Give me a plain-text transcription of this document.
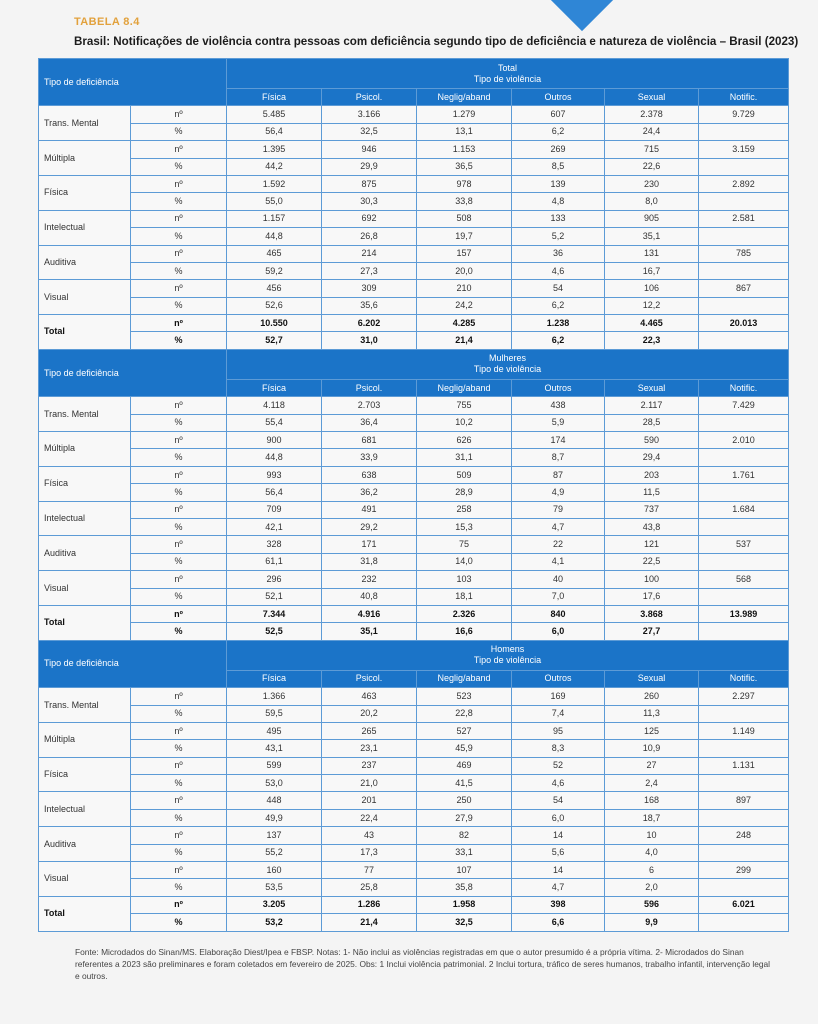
TABELA 8.4
Brasil: Notificações de violência contra pessoas com deficiência segundo tipo de deficiência e natureza de violência – Brasil (2023)
Tipo de deficiência		Total
Tipo de violência					

		Física	Psicol.	Neglig/aband	Outros	Sexual	Notific.
Trans. Mental	nº	5.485	3.166	1.279	607	2.378	9.729
	%	56,4	32,5	13,1	6,2	24,4	
Múltipla	nº	1.395	946	1.153	269	715	3.159
	%	44,2	29,9	36,5	8,5	22,6	
Física	nº	1.592	875	978	139	230	2.892
	%	55,0	30,3	33,8	4,8	8,0	
Intelectual	nº	1.157	692	508	133	905	2.581
	%	44,8	26,8	19,7	5,2	35,1	
Auditiva	nº	465	214	157	36	131	785
	%	59,2	27,3	20,0	4,6	16,7	
Visual	nº	456	309	210	54	106	867
	%	52,6	35,6	24,2	6,2	12,2	
Total	nº	10.550	6.202	4.285	1.238	4.465	20.013
	%	52,7	31,0	21,4	6,2	22,3	
Tipo de deficiência		Mulheres
Tipo de violência					

		Física	Psicol.	Neglig/aband	Outros	Sexual	Notific.
Trans. Mental	nº	4.118	2.703	755	438	2.117	7.429
	%	55,4	36,4	10,2	5,9	28,5	
Múltipla	nº	900	681	626	174	590	2.010
	%	44,8	33,9	31,1	8,7	29,4	
Física	nº	993	638	509	87	203	1.761
	%	56,4	36,2	28,9	4,9	11,5	
Intelectual	nº	709	491	258	79	737	1.684
	%	42,1	29,2	15,3	4,7	43,8	
Auditiva	nº	328	171	75	22	121	537
	%	61,1	31,8	14,0	4,1	22,5	
Visual	nº	296	232	103	40	100	568
	%	52,1	40,8	18,1	7,0	17,6	
Total	nº	7.344	4.916	2.326	840	3.868	13.989
	%	52,5	35,1	16,6	6,0	27,7	
Tipo de deficiência		Homens
Tipo de violência					

		Física	Psicol.	Neglig/aband	Outros	Sexual	Notific.
Trans. Mental	nº	1.366	463	523	169	260	2.297
	%	59,5	20,2	22,8	7,4	11,3	
Múltipla	nº	495	265	527	95	125	1.149
	%	43,1	23,1	45,9	8,3	10,9	
Física	nº	599	237	469	52	27	1.131
	%	53,0	21,0	41,5	4,6	2,4	
Intelectual	nº	448	201	250	54	168	897
	%	49,9	22,4	27,9	6,0	18,7	
Auditiva	nº	137	43	82	14	10	248
	%	55,2	17,3	33,1	5,6	4,0	
Visual	nº	160	77	107	14	6	299
	%	53,5	25,8	35,8	4,7	2,0	
Total	nº	3.205	1.286	1.958	398	596	6.021
	%	53,2	21,4	32,5	6,6	9,9	
Fonte: Microdados do Sinan/MS. Elaboração Diest/Ipea e FBSP. Notas: 1- Não inclui as violências registradas em que o autor presumido é a própria vítima. 2- Microdados do Sinan referentes a 2023 são preliminares e foram coletados em fevereiro de 2025. Obs: 1 Inclui violência patrimonial. 2 Inclui tortura, tráfico de seres humanos, trabalho infantil, intervenção legal e outros.
